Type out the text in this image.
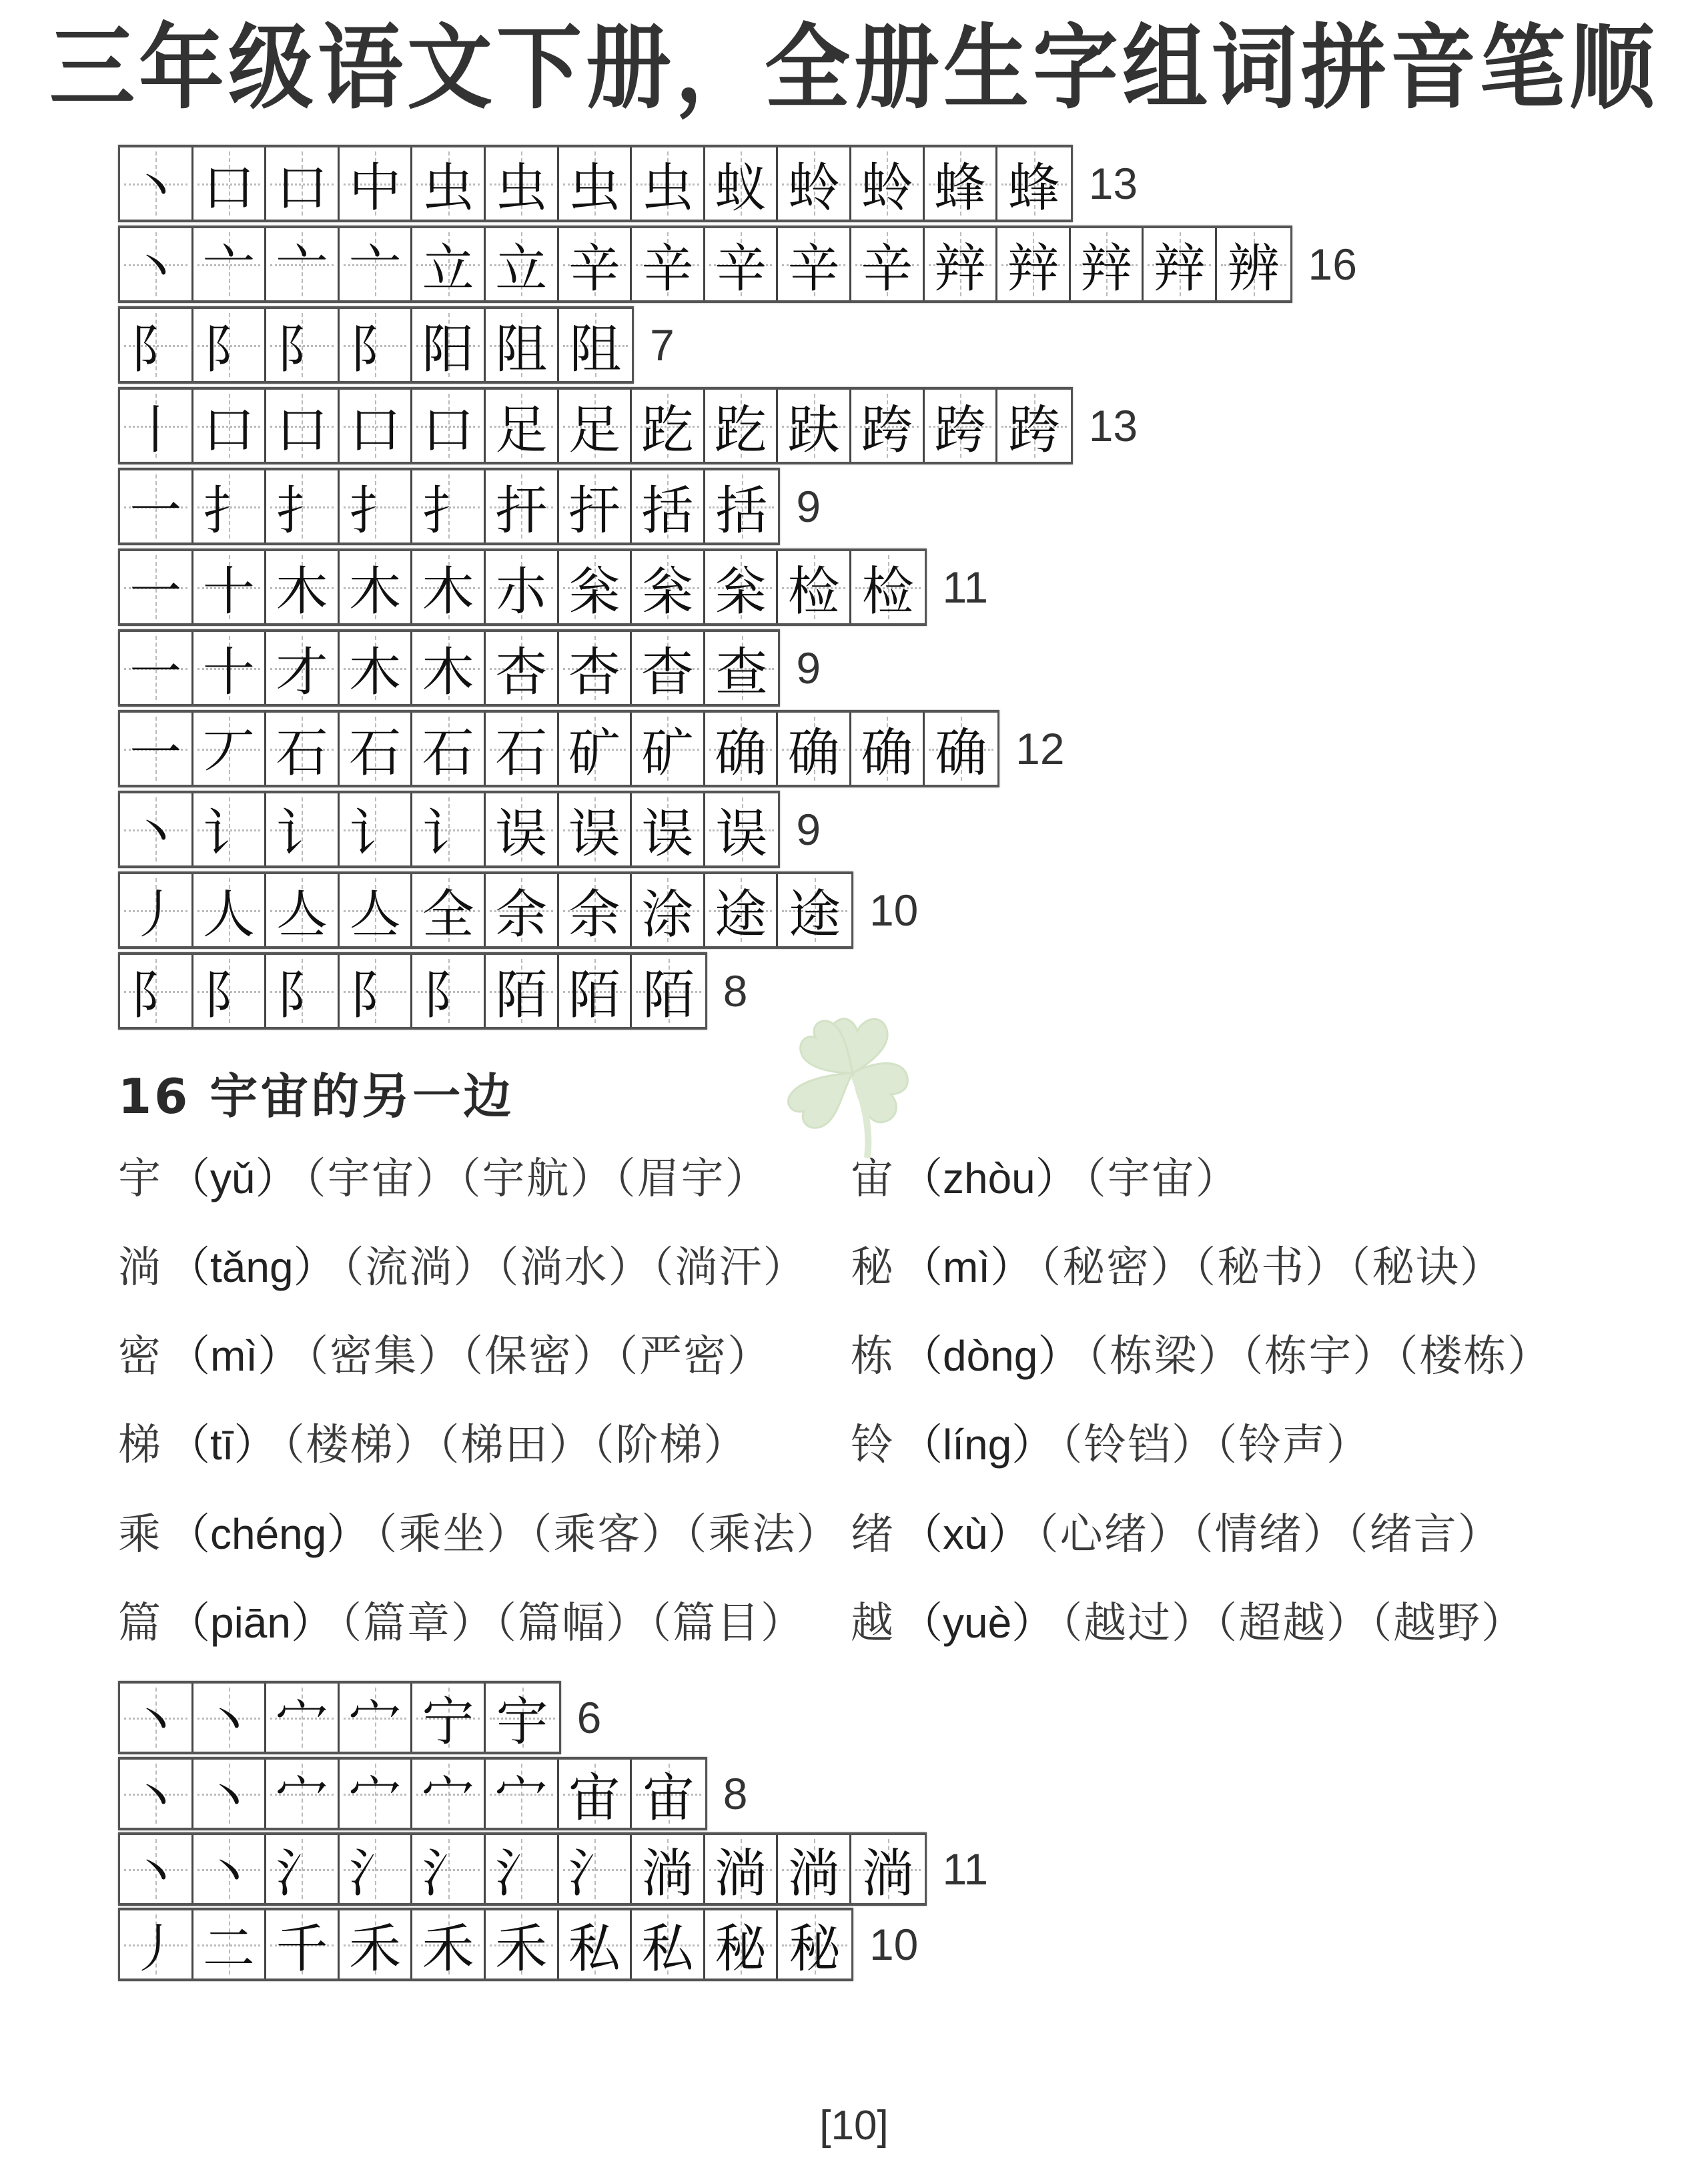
三年级语文下册，全册生字组词拼音笔顺
丶 口 口 中 虫 虫 虫 虫 蚁 蛉 蛉 蜂 蜂 13
丶 亠 亠 亠 立 立 辛 辛 辛 辛 辛 辡 辡 辡 辡 辨 16
阝 阝 阝 阝 阳 阻 阻 7
丨 口 口 口 口 足 足 趷 趷 趺 跨 跨 跨 13
一 扌 扌 扌 扌 扞 扞 括 括 9
一 十 木 木 木 朩 枀 枀 枀 检 检 11
一 十 才 木 木 杏 杏 杳 查 9
一 丆 石 石 石 石 矿 矿 确 确 确 确 12
丶 讠 讠 讠 讠 误 误 误 误 9
丿 人 亼 亼 全 余 余 涂 途 途 10
阝 阝 阝 阝 阝 陌 陌 陌 8
16 宇宙的另一边
宇 （yǔ） （宇宙）（宇航）（眉宇）
淌 （tǎng） （流淌）（淌水）（淌汗）
密 （mì） （密集）（保密）（严密）
梯 （tī） （楼梯）（梯田）（阶梯）
乘 （chéng） （乘坐）（乘客）（乘法）
篇 （piān） （篇章）（篇幅）（篇目）
宙 （zhòu） （宇宙）
秘 （mì） （秘密）（秘书）（秘诀）
栋 （dòng） （栋梁）（栋宇）（楼栋）
铃 （líng） （铃铛）（铃声）
绪 （xù） （心绪）（情绪）（绪言）
越 （yuè） （越过）（超越）（越野）
丶 丶 宀 宀 宁 宇 6
丶 丶 宀 宀 宀 宀 宙 宙 8
丶 丶 氵 氵 氵 氵 氵 淌 淌 淌 淌 11
丿 二 千 禾 禾 禾 私 私 秘 秘 10
[10]
